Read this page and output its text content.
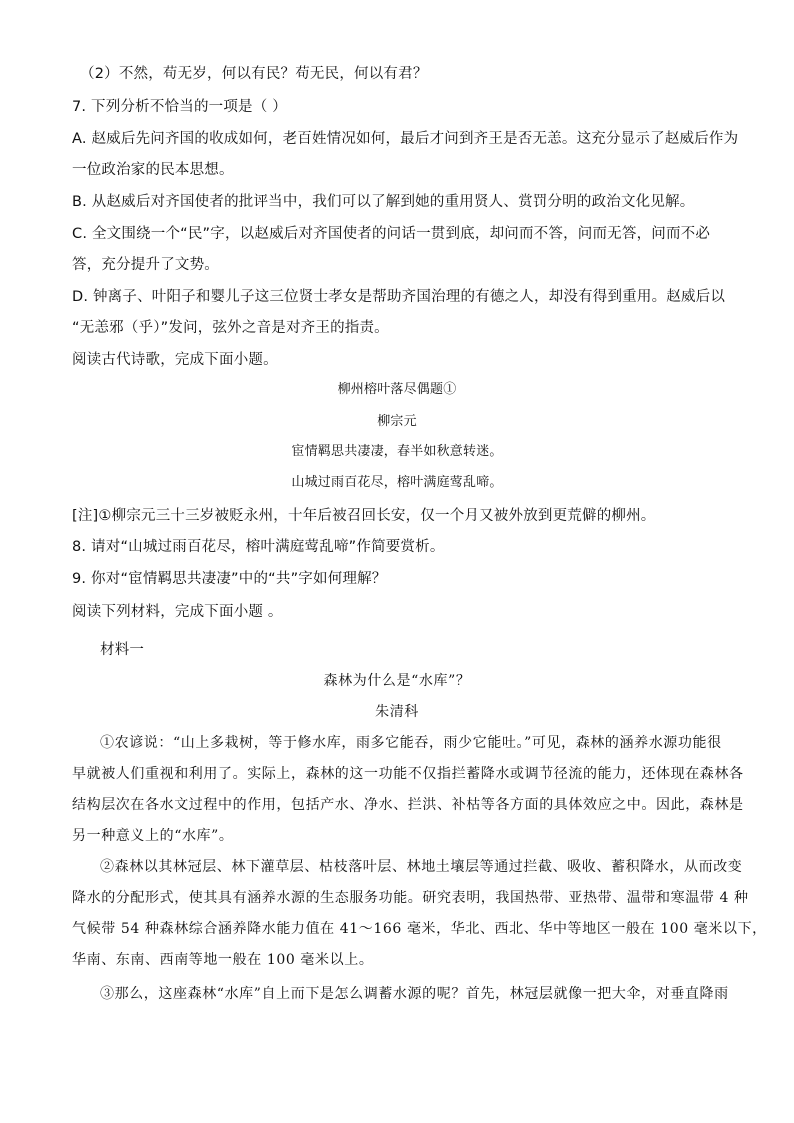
（2）不然，苟无岁，何以有民？苟无民，何以有君？
7. 下列分析不恰当的一项是（ ）
A. 赵威后先问齐国的收成如何，老百姓情况如何，最后才问到齐王是否无恙。这充分显示了赵威后作为
一位政治家的民本思想。
B. 从赵威后对齐国使者的批评当中，我们可以了解到她的重用贤人、赏罚分明的政治文化见解。
C. 全文围绕一个“民”字，以赵威后对齐国使者的问话一贯到底，却问而不答，问而无答，问而不必
答，充分提升了文势。
D. 钟离子、叶阳子和婴儿子这三位贤士孝女是帮助齐国治理的有德之人，却没有得到重用。赵威后以
“无恙邪（乎）”发问，弦外之音是对齐王的指责。
阅读古代诗歌，完成下面小题。
柳州榕叶落尽偶题①
柳宗元
宦情羁思共凄凄，春半如秋意转迷。
山城过雨百花尽，榕叶满庭莺乱啼。
[注]①柳宗元三十三岁被贬永州，十年后被召回长安，仅一个月又被外放到更荒僻的柳州。
8. 请对“山城过雨百花尽，榕叶满庭莺乱啼”作简要赏析。
9. 你对“宦情羁思共凄凄”中的“共”字如何理解？
阅读下列材料，完成下面小题 。
材料一
森林为什么是“水库”？
朱清科
①农谚说：“山上多栽树，等于修水库，雨多它能吞，雨少它能吐。”可见，森林的涵养水源功能很
早就被人们重视和利用了。实际上，森林的这一功能不仅指拦蓄降水或调节径流的能力，还体现在森林各
结构层次在各水文过程中的作用，包括产水、净水、拦洪、补枯等各方面的具体效应之中。因此，森林是
另一种意义上的“水库”。
②森林以其林冠层、林下灌草层、枯枝落叶层、林地土壤层等通过拦截、吸收、蓄积降水，从而改变
降水的分配形式，使其具有涵养水源的生态服务功能。研究表明，我国热带、亚热带、温带和寒温带 4 种
气候带 54 种森林综合涵养降水能力值在 41～166 毫米，华北、西北、华中等地区一般在 100 毫米以下，
华南、东南、西南等地一般在 100 毫米以上。
③那么，这座森林“水库”自上而下是怎么调蓄水源的呢？首先，林冠层就像一把大伞，对垂直降雨
